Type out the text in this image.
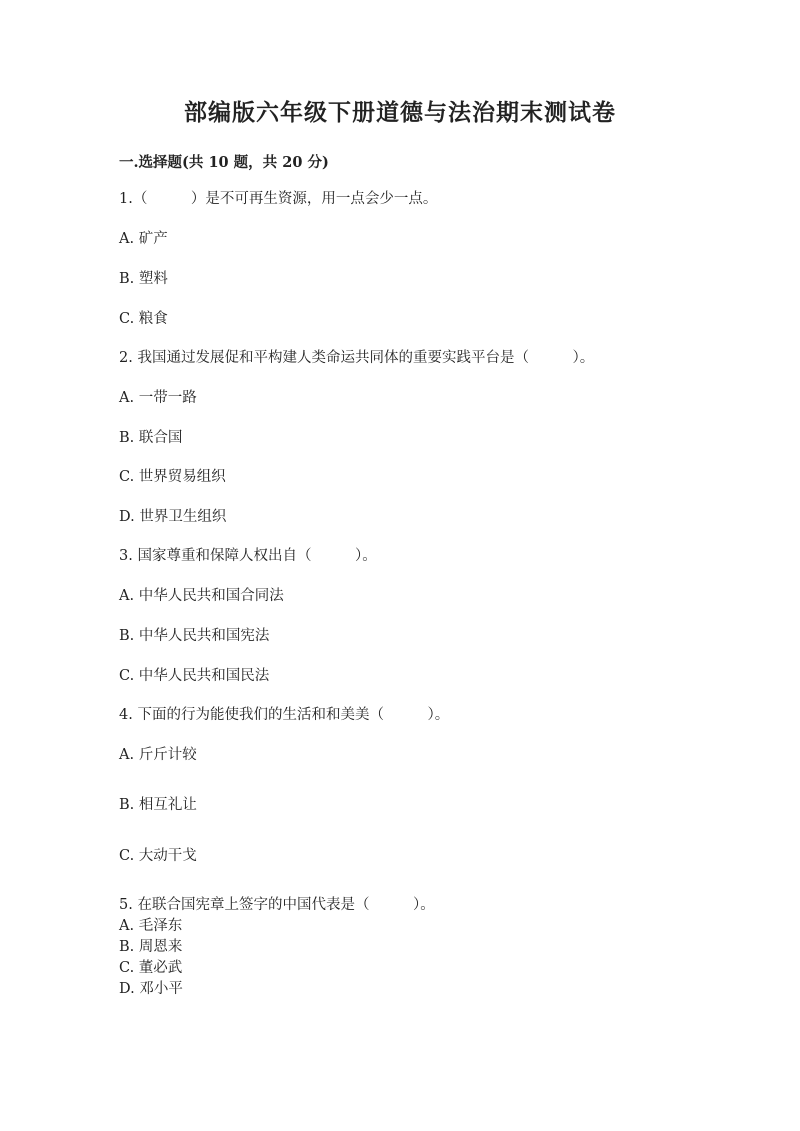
部编版六年级下册道德与法治期末测试卷
一.选择题(共 10 题，共 20 分)
1.（　　　）是不可再生资源，用一点会少一点。
A. 矿产
B. 塑料
C. 粮食
2. 我国通过发展促和平构建人类命运共同体的重要实践平台是（　　　）。
A. 一带一路
B. 联合国
C. 世界贸易组织
D. 世界卫生组织
3. 国家尊重和保障人权出自（　　　）。
A. 中华人民共和国合同法
B. 中华人民共和国宪法
C. 中华人民共和国民法
4. 下面的行为能使我们的生活和和美美（　　　）。
A. 斤斤计较
B. 相互礼让
C. 大动干戈
5. 在联合国宪章上签字的中国代表是（　　　）。
A. 毛泽东
B. 周恩来
C. 董必武
D. 邓小平
